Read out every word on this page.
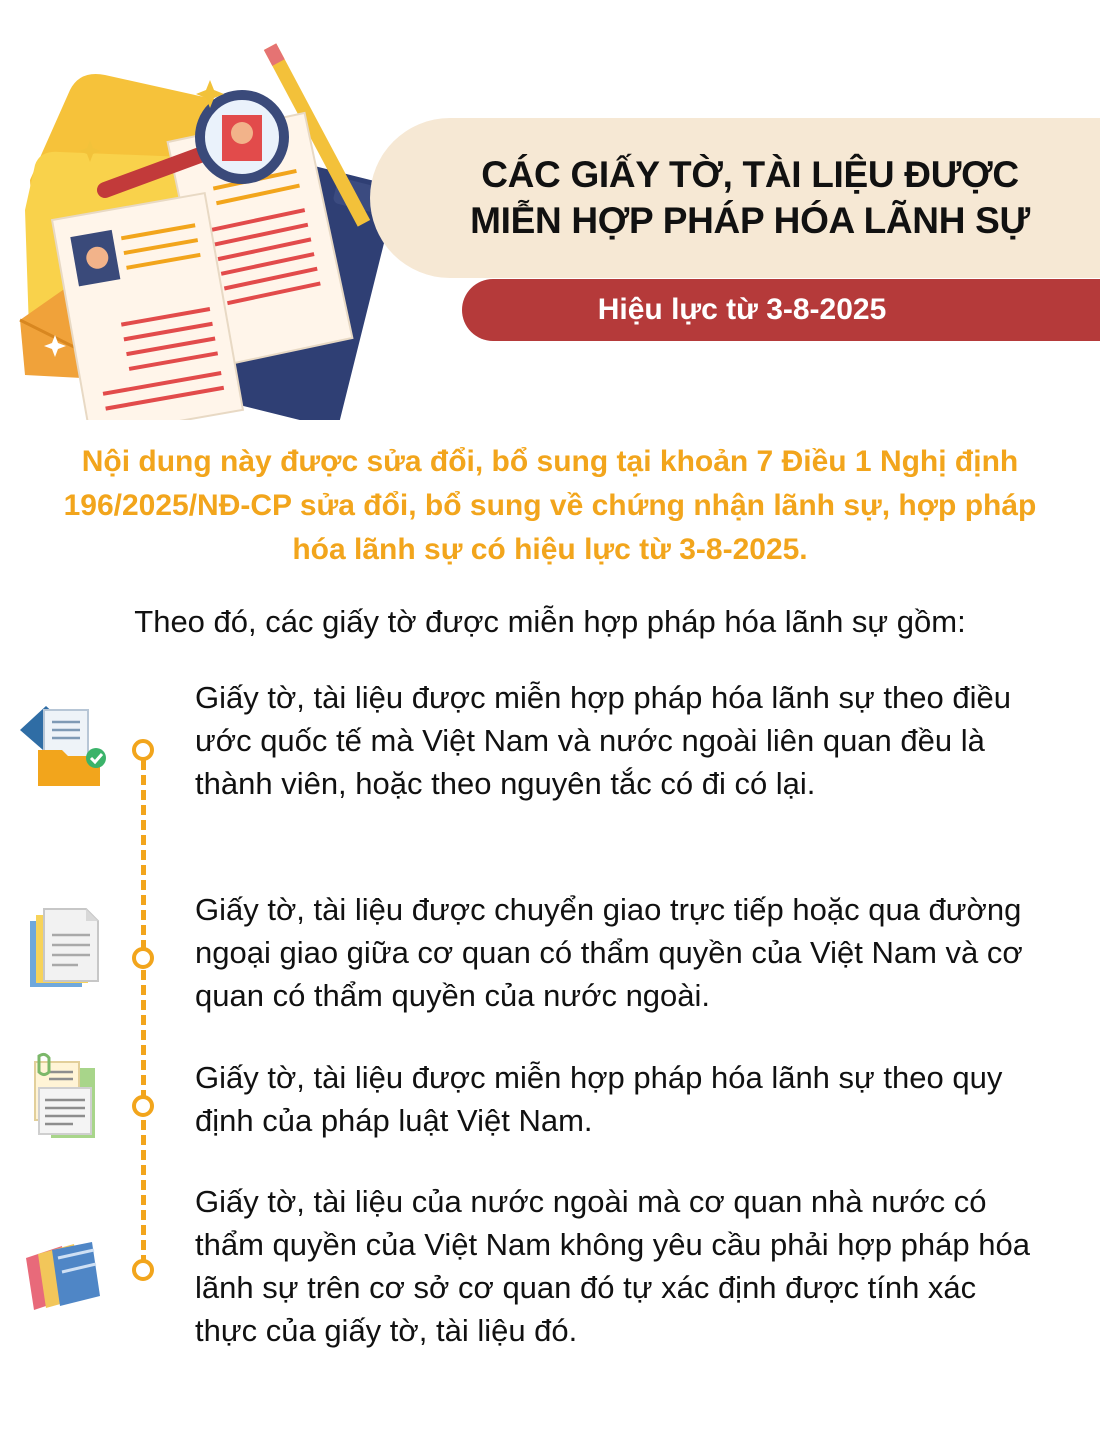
CÁC GIẤY TỜ, TÀI LIỆU ĐƯỢC
MIỄN HỢP PHÁP HÓA LÃNH SỰ
Hiệu lực từ 3-8-2025
Nội dung này được sửa đổi, bổ sung tại khoản 7 Điều 1 Nghị định 196/2025/NĐ-CP sửa đổi, bổ sung về chứng nhận lãnh sự, hợp pháp hóa lãnh sự có hiệu lực từ 3-8-2025.
Theo đó, các giấy tờ được miễn hợp pháp hóa lãnh sự gồm:
Giấy tờ, tài liệu được miễn hợp pháp hóa lãnh sự theo điều ước quốc tế mà Việt Nam và nước ngoài liên quan đều là thành viên, hoặc theo nguyên tắc có đi có lại.
Giấy tờ, tài liệu được chuyển giao trực tiếp hoặc qua đường ngoại giao giữa cơ quan có thẩm quyền của Việt Nam và cơ quan có thẩm quyền của nước ngoài.
Giấy tờ, tài liệu được miễn hợp pháp hóa lãnh sự theo quy định của pháp luật Việt Nam.
Giấy tờ, tài liệu của nước ngoài mà cơ quan nhà nước có thẩm quyền của Việt Nam không yêu cầu phải hợp pháp hóa lãnh sự trên cơ sở cơ quan đó tự xác định được tính xác thực của giấy tờ, tài liệu đó.
